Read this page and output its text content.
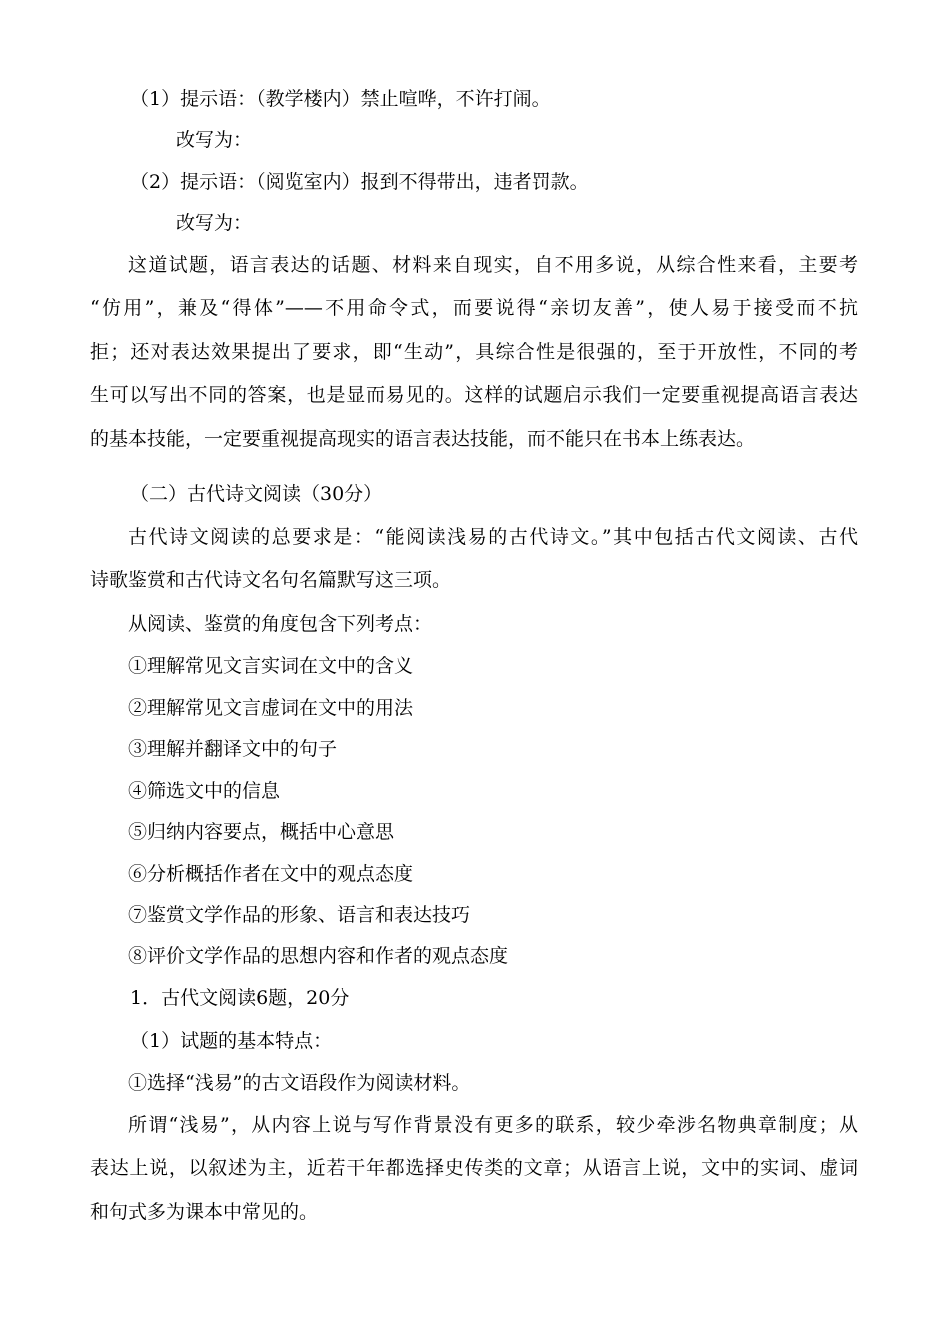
（1）提示语：（教学楼内）禁止喧哗，不许打闹。
改写为：
（2）提示语：（阅览室内）报到不得带出，违者罚款。
改写为：
这道试题，语言表达的话题、材料来自现实，自不用多说，从综合性来看，主要考
“仿用”，兼及“得体”——不用命令式，而要说得“亲切友善”，使人易于接受而不抗
拒；还对表达效果提出了要求，即“生动”，具综合性是很强的，至于开放性，不同的考
生可以写出不同的答案，也是显而易见的。这样的试题启示我们一定要重视提高语言表达
的基本技能，一定要重视提高现实的语言表达技能，而不能只在书本上练表达。
（二）古代诗文阅读（30分）
古代诗文阅读的总要求是：“能阅读浅易的古代诗文。”其中包括古代文阅读、古代
诗歌鉴赏和古代诗文名句名篇默写这三项。
从阅读、鉴赏的角度包含下列考点：
①理解常见文言实词在文中的含义
②理解常见文言虚词在文中的用法
③理解并翻译文中的句子
④筛选文中的信息
⑤归纳内容要点，概括中心意思
⑥分析概括作者在文中的观点态度
⑦鉴赏文学作品的形象、语言和表达技巧
⑧评价文学作品的思想内容和作者的观点态度
1．古代文阅读6题，20分
（1）试题的基本特点：
①选择“浅易”的古文语段作为阅读材料。
所谓“浅易”，从内容上说与写作背景没有更多的联系，较少牵涉名物典章制度；从
表达上说，以叙述为主，近若干年都选择史传类的文章；从语言上说，文中的实词、虚词
和句式多为课本中常见的。
